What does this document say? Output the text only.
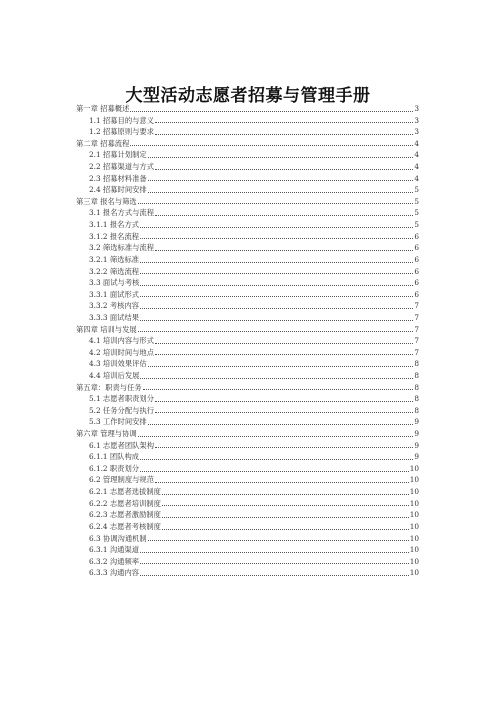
大型活动志愿者招募与管理手册
第一章 招募概述	3
1.1 招募目的与意义	3
1.2 招募原则与要求	3
第二章 招募流程	4
2.1 招募计划制定	4
2.2 招募渠道与方式	4
2.3 招募材料准备	4
2.4 招募时间安排	5
第三章 报名与筛选	5
3.1 报名方式与流程	5
3.1.1 报名方式	5
3.1.2 报名流程	6
3.2 筛选标准与流程	6
3.2.1 筛选标准	6
3.2.2 筛选流程	6
3.3 面试与考核	6
3.3.1 面试形式	6
3.3.2 考核内容	7
3.3.3 面试结果	7
第四章 培训与发展	7
4.1 培训内容与形式	7
4.2 培训时间与地点	7
4.3 培训效果评估	8
4.4 培训后发展	8
第五章：职责与任务	8
5.1 志愿者职责划分	8
5.2 任务分配与执行	8
5.3 工作时间安排	9
第六章 管理与协调	9
6.1 志愿者团队架构	9
6.1.1 团队构成	9
6.1.2 职责划分	10
6.2 管理制度与规范	10
6.2.1 志愿者选拔制度	10
6.2.2 志愿者培训制度	10
6.2.3 志愿者激励制度	10
6.2.4 志愿者考核制度	10
6.3 协调沟通机制	10
6.3.1 沟通渠道	10
6.3.2 沟通频率	10
6.3.3 沟通内容	10
